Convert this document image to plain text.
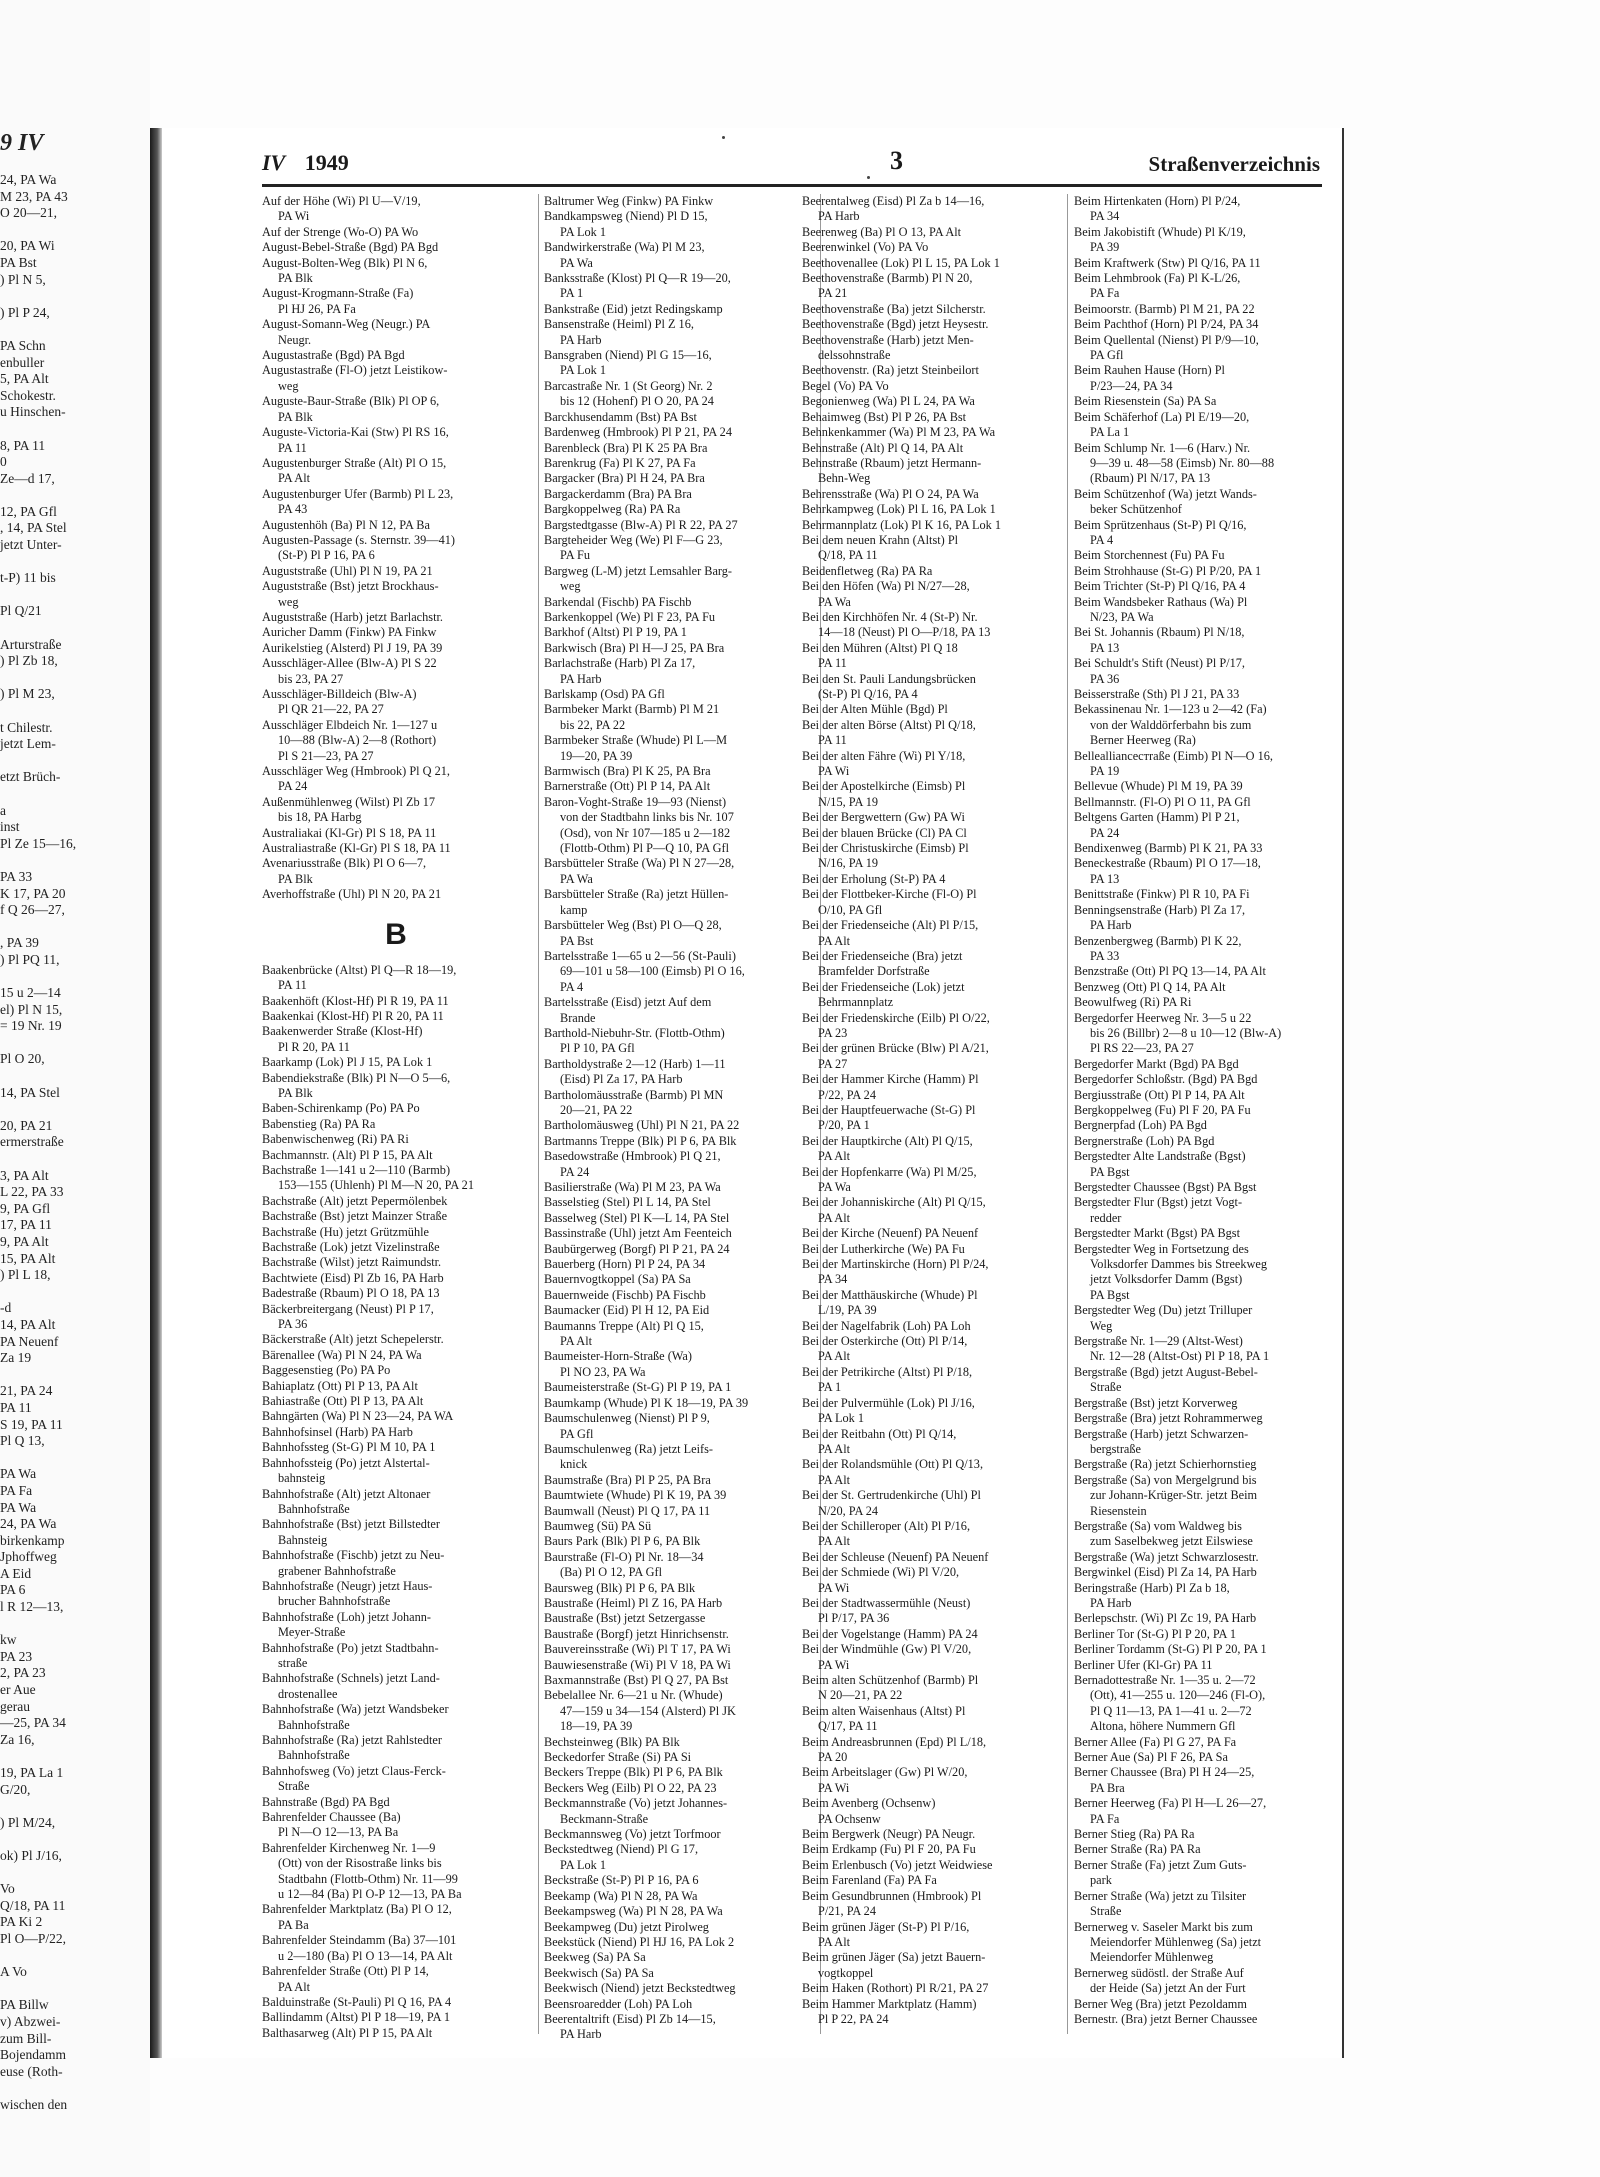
9 IV
24, PA Wa
M 23, PA 43
O 20—21,

20, PA Wi
PA Bst
) Pl N 5,

) Pl P 24,

PA Schn
enbuller
5, PA Alt
Schokestr.
u Hinschen-

8, PA 11
0
Ze—d 17,

12, PA Gfl
, 14, PA Stel
jetzt Unter-

t-P) 11 bis

Pl Q/21

Arturstraße
) Pl Zb 18,

) Pl M 23,

t Chilestr.
jetzt Lem-

etzt Brüch-

a
inst
Pl Ze 15—16,

PA 33
K 17, PA 20
f Q 26—27,

, PA 39
) Pl PQ 11,

15 u 2—14
el) Pl N 15,
= 19 Nr. 19

Pl O 20,

14, PA Stel

20, PA 21
ermerstraße

3, PA Alt
L 22, PA 33
9, PA Gfl
17, PA 11
9, PA Alt
15, PA Alt
) Pl L 18,

-d
14, PA Alt
PA Neuenf
Za 19

21, PA 24
PA 11
S 19, PA 11
Pl Q 13,

PA Wa
PA Fa
PA Wa
24, PA Wa
birkenkamp
Jphoffweg
A Eid
PA 6
l R 12—13,

kw
PA 23
2, PA 23
er Aue
gerau
—25, PA 34
Za 16,

19, PA La 1
G/20,

) Pl M/24,

ok) Pl J/16,

Vo
Q/18, PA 11
PA Ki 2
Pl O—P/22,

A Vo

PA Billw
v) Abzwei-
zum Bill-
Bojendamm
euse (Roth-

wischen den
IV 1949	3	Straßenverzeichnis
Auf der Höhe (Wi) Pl U—V/19,
PA Wi
Auf der Strenge (Wo-O) PA Wo
August-Bebel-Straße (Bgd) PA Bgd
August-Bolten-Weg (Blk) Pl N 6,
PA Blk
August-Krogmann-Straße (Fa)
Pl HJ 26, PA Fa
August-Somann-Weg (Neugr.) PA
Neugr.
Augustastraße (Bgd) PA Bgd
Augustastraße (Fl-O) jetzt Leistikow-
weg
Auguste-Baur-Straße (Blk) Pl OP 6,
PA Blk
Auguste-Victoria-Kai (Stw) Pl RS 16,
PA 11
Augustenburger Straße (Alt) Pl O 15,
PA Alt
Augustenburger Ufer (Barmb) Pl L 23,
PA 43
Augustenhöh (Ba) Pl N 12, PA Ba
Augusten-Passage (s. Sternstr. 39—41)
(St-P) Pl P 16, PA 6
Auguststraße (Uhl) Pl N 19, PA 21
Auguststraße (Bst) jetzt Brockhaus-
weg
Auguststraße (Harb) jetzt Barlachstr.
Auricher Damm (Finkw) PA Finkw
Aurikelstieg (Alsterd) Pl J 19, PA 39
Ausschläger-Allee (Blw-A) Pl S 22
bis 23, PA 27
Ausschläger-Billdeich (Blw-A)
Pl QR 21—22, PA 27
Ausschläger Elbdeich Nr. 1—127 u
10—88 (Blw-A) 2—8 (Rothort)
Pl S 21—23, PA 27
Ausschläger Weg (Hmbrook) Pl Q 21,
PA 24
Außenmühlenweg (Wilst) Pl Zb 17
bis 18, PA Harbg
Australiakai (Kl-Gr) Pl S 18, PA 11
Australiastraße (Kl-Gr) Pl S 18, PA 11
Avenariusstraße (Blk) Pl O 6—7,
PA Blk
Averhoffstraße (Uhl) Pl N 20, PA 21
B
Baakenbrücke (Altst) Pl Q—R 18—19,
PA 11
Baakenhöft (Klost-Hf) Pl R 19, PA 11
Baakenkai (Klost-Hf) Pl R 20, PA 11
Baakenwerder Straße (Klost-Hf)
Pl R 20, PA 11
Baarkamp (Lok) Pl J 15, PA Lok 1
Babendiekstraße (Blk) Pl N—O 5—6,
PA Blk
Baben-Schirenkamp (Po) PA Po
Babenstieg (Ra) PA Ra
Babenwischenweg (Ri) PA Ri
Bachmannstr. (Alt) Pl P 15, PA Alt
Bachstraße 1—141 u 2—110 (Barmb)
153—155 (Uhlenh) Pl M—N 20, PA 21
Bachstraße (Alt) jetzt Pepermölenbek
Bachstraße (Bst) jetzt Mainzer Straße
Bachstraße (Hu) jetzt Grützmühle
Bachstraße (Lok) jetzt Vizelinstraße
Bachstraße (Wilst) jetzt Raimundstr.
Bachtwiete (Eisd) Pl Zb 16, PA Harb
Badestraße (Rbaum) Pl O 18, PA 13
Bäckerbreitergang (Neust) Pl P 17,
PA 36
Bäckerstraße (Alt) jetzt Schepelerstr.
Bärenallee (Wa) Pl N 24, PA Wa
Baggesenstieg (Po) PA Po
Bahiaplatz (Ott) Pl P 13, PA Alt
Bahiastraße (Ott) Pl P 13, PA Alt
Bahngärten (Wa) Pl N 23—24, PA WA
Bahnhofsinsel (Harb) PA Harb
Bahnhofssteg (St-G) Pl M 10, PA 1
Bahnhofssteig (Po) jetzt Alstertal-
bahnsteig
Bahnhofstraße (Alt) jetzt Altonaer
Bahnhofstraße
Bahnhofstraße (Bst) jetzt Billstedter
Bahnsteig
Bahnhofstraße (Fischb) jetzt zu Neu-
grabener Bahnhofstraße
Bahnhofstraße (Neugr) jetzt Haus-
brucher Bahnhofstraße
Bahnhofstraße (Loh) jetzt Johann-
Meyer-Straße
Bahnhofstraße (Po) jetzt Stadtbahn-
straße
Bahnhofstraße (Schnels) jetzt Land-
drostenallee
Bahnhofstraße (Wa) jetzt Wandsbeker
Bahnhofstraße
Bahnhofstraße (Ra) jetzt Rahlstedter
Bahnhofstraße
Bahnhofsweg (Vo) jetzt Claus-Ferck-
Straße
Bahnstraße (Bgd) PA Bgd
Bahrenfelder Chaussee (Ba)
Pl N—O 12—13, PA Ba
Bahrenfelder Kirchenweg Nr. 1—9
(Ott) von der Risostraße links bis
Stadtbahn (Flottb-Othm) Nr. 11—99
u 12—84 (Ba) Pl O-P 12—13, PA Ba
Bahrenfelder Marktplatz (Ba) Pl O 12,
PA Ba
Bahrenfelder Steindamm (Ba) 37—101
u 2—180 (Ba) Pl O 13—14, PA Alt
Bahrenfelder Straße (Ott) Pl P 14,
PA Alt
Balduinstraße (St-Pauli) Pl Q 16, PA 4
Ballindamm (Altst) Pl P 18—19, PA 1
Balthasarweg (Alt) Pl P 15, PA Alt
Baltrumer Weg (Finkw) PA Finkw
Bandkampsweg (Niend) Pl D 15,
PA Lok 1
Bandwirkerstraße (Wa) Pl M 23,
PA Wa
Banksstraße (Klost) Pl Q—R 19—20,
PA 1
Bankstraße (Eid) jetzt Redingskamp
Bansenstraße (Heiml) Pl Z 16,
PA Harb
Bansgraben (Niend) Pl G 15—16,
PA Lok 1
Barcastraße Nr. 1 (St Georg) Nr. 2
bis 12 (Hohenf) Pl O 20, PA 24
Barckhusendamm (Bst) PA Bst
Bardenweg (Hmbrook) Pl P 21, PA 24
Barenbleck (Bra) Pl K 25 PA Bra
Barenkrug (Fa) Pl K 27, PA Fa
Bargacker (Bra) Pl H 24, PA Bra
Bargackerdamm (Bra) PA Bra
Bargkoppelweg (Ra) PA Ra
Bargstedtgasse (Blw-A) Pl R 22, PA 27
Bargteheider Weg (We) Pl F—G 23,
PA Fu
Bargweg (L-M) jetzt Lemsahler Barg-
weg
Barkendal (Fischb) PA Fischb
Barkenkoppel (We) Pl F 23, PA Fu
Barkhof (Altst) Pl P 19, PA 1
Barkwisch (Bra) Pl H—J 25, PA Bra
Barlachstraße (Harb) Pl Za 17,
PA Harb
Barlskamp (Osd) PA Gfl
Barmbeker Markt (Barmb) Pl M 21
bis 22, PA 22
Barmbeker Straße (Whude) Pl L—M
19—20, PA 39
Barmwisch (Bra) Pl K 25, PA Bra
Barnerstraße (Ott) Pl P 14, PA Alt
Baron-Voght-Straße 19—93 (Nienst)
von der Stadtbahn links bis Nr. 107
(Osd), von Nr 107—185 u 2—182
(Flottb-Othm) Pl P—Q 10, PA Gfl
Barsbütteler Straße (Wa) Pl N 27—28,
PA Wa
Barsbütteler Straße (Ra) jetzt Hüllen-
kamp
Barsbütteler Weg (Bst) Pl O—Q 28,
PA Bst
Bartelsstraße 1—65 u 2—56 (St-Pauli)
69—101 u 58—100 (Eimsb) Pl O 16,
PA 4
Bartelsstraße (Eisd) jetzt Auf dem
Brande
Barthold-Niebuhr-Str. (Flottb-Othm)
Pl P 10, PA Gfl
Bartholdystraße 2—12 (Harb) 1—11
(Eisd) Pl Za 17, PA Harb
Bartholomäusstraße (Barmb) Pl MN
20—21, PA 22
Bartholomäusweg (Uhl) Pl N 21, PA 22
Bartmanns Treppe (Blk) Pl P 6, PA Blk
Basedowstraße (Hmbrook) Pl Q 21,
PA 24
Basilierstraße (Wa) Pl M 23, PA Wa
Basselstieg (Stel) Pl L 14, PA Stel
Basselweg (Stel) Pl K—L 14, PA Stel
Bassinstraße (Uhl) jetzt Am Feenteich
Baubürgerweg (Borgf) Pl P 21, PA 24
Bauerberg (Horn) Pl P 24, PA 34
Bauernvogtkoppel (Sa) PA Sa
Bauernweide (Fischb) PA Fischb
Baumacker (Eid) Pl H 12, PA Eid
Baumanns Treppe (Alt) Pl Q 15,
PA Alt
Baumeister-Horn-Straße (Wa)
Pl NO 23, PA Wa
Baumeisterstraße (St-G) Pl P 19, PA 1
Baumkamp (Whude) Pl K 18—19, PA 39
Baumschulenweg (Nienst) Pl P 9,
PA Gfl
Baumschulenweg (Ra) jetzt Leifs-
knick
Baumstraße (Bra) Pl P 25, PA Bra
Baumtwiete (Whude) Pl K 19, PA 39
Baumwall (Neust) Pl Q 17, PA 11
Baumweg (Sü) PA Sü
Baurs Park (Blk) Pl P 6, PA Blk
Baurstraße (Fl-O) Pl Nr. 18—34
(Ba) Pl O 12, PA Gfl
Baursweg (Blk) Pl P 6, PA Blk
Baustraße (Heiml) Pl Z 16, PA Harb
Baustraße (Bst) jetzt Setzergasse
Baustraße (Borgf) jetzt Hinrichsenstr.
Bauvereinsstraße (Wi) Pl T 17, PA Wi
Bauwiesenstraße (Wi) Pl V 18, PA Wi
Baxmannstraße (Bst) Pl Q 27, PA Bst
Bebelallee Nr. 6—21 u Nr. (Whude)
47—159 u 34—154 (Alsterd) Pl JK
18—19, PA 39
Bechsteinweg (Blk) PA Blk
Beckedorfer Straße (Si) PA Si
Beckers Treppe (Blk) Pl P 6, PA Blk
Beckers Weg (Eilb) Pl O 22, PA 23
Beckmannstraße (Vo) jetzt Johannes-
Beckmann-Straße
Beckmannsweg (Vo) jetzt Torfmoor
Beckstedtweg (Niend) Pl G 17,
PA Lok 1
Beckstraße (St-P) Pl P 16, PA 6
Beekamp (Wa) Pl N 28, PA Wa
Beekampsweg (Wa) Pl N 28, PA Wa
Beekampweg (Du) jetzt Pirolweg
Beekstück (Niend) Pl HJ 16, PA Lok 2
Beekweg (Sa) PA Sa
Beekwisch (Sa) PA Sa
Beekwisch (Niend) jetzt Beckstedtweg
Beensroaredder (Loh) PA Loh
Beerentaltrift (Eisd) Pl Zb 14—15,
PA Harb
Beerentalweg (Eisd) Pl Za b 14—16,
PA Harb
Beerenweg (Ba) Pl O 13, PA Alt
Beerenwinkel (Vo) PA Vo
Beethovenallee (Lok) Pl L 15, PA Lok 1
Beethovenstraße (Barmb) Pl N 20,
PA 21
Beethovenstraße (Ba) jetzt Silcherstr.
Beethovenstraße (Bgd) jetzt Heysestr.
Beethovenstraße (Harb) jetzt Men-
delssohnstraße
Beethovenstr. (Ra) jetzt Steinbeilort
Begel (Vo) PA Vo
Begonienweg (Wa) Pl L 24, PA Wa
Behaimweg (Bst) Pl P 26, PA Bst
Behnkenkammer (Wa) Pl M 23, PA Wa
Behnstraße (Alt) Pl Q 14, PA Alt
Behnstraße (Rbaum) jetzt Hermann-
Behn-Weg
Behrensstraße (Wa) Pl O 24, PA Wa
Behrkampweg (Lok) Pl L 16, PA Lok 1
Behrmannplatz (Lok) Pl K 16, PA Lok 1
Bei dem neuen Krahn (Altst) Pl
Q/18, PA 11
Beidenfletweg (Ra) PA Ra
Bei den Höfen (Wa) Pl N/27—28,
PA Wa
Bei den Kirchhöfen Nr. 4 (St-P) Nr.
14—18 (Neust) Pl O—P/18, PA 13
Bei den Mühren (Altst) Pl Q 18
PA 11
Bei den St. Pauli Landungsbrücken
(St-P) Pl Q/16, PA 4
Bei der Alten Mühle (Bgd) Pl
Bei der alten Börse (Altst) Pl Q/18,
PA 11
Bei der alten Fähre (Wi) Pl Y/18,
PA Wi
Bei der Apostelkirche (Eimsb) Pl
N/15, PA 19
Bei der Bergwettern (Gw) PA Wi
Bei der blauen Brücke (Cl) PA Cl
Bei der Christuskirche (Eimsb) Pl
N/16, PA 19
Bei der Erholung (St-P) PA 4
Bei der Flottbeker-Kirche (Fl-O) Pl
O/10, PA Gfl
Bei der Friedenseiche (Alt) Pl P/15,
PA Alt
Bei der Friedenseiche (Bra) jetzt
Bramfelder Dorfstraße
Bei der Friedenseiche (Lok) jetzt
Behrmannplatz
Bei der Friedenskirche (Eilb) Pl O/22,
PA 23
Bei der grünen Brücke (Blw) Pl A/21,
PA 27
Bei der Hammer Kirche (Hamm) Pl
P/22, PA 24
Bei der Hauptfeuerwache (St-G) Pl
P/20, PA 1
Bei der Hauptkirche (Alt) Pl Q/15,
PA Alt
Bei der Hopfenkarre (Wa) Pl M/25,
PA Wa
Bei der Johanniskirche (Alt) Pl Q/15,
PA Alt
Bei der Kirche (Neuenf) PA Neuenf
Bei der Lutherkirche (We) PA Fu
Bei der Martinskirche (Horn) Pl P/24,
PA 34
Bei der Matthäuskirche (Whude) Pl
L/19, PA 39
Bei der Nagelfabrik (Loh) PA Loh
Bei der Osterkirche (Ott) Pl P/14,
PA Alt
Bei der Petrikirche (Altst) Pl P/18,
PA 1
Bei der Pulvermühle (Lok) Pl J/16,
PA Lok 1
Bei der Reitbahn (Ott) Pl Q/14,
PA Alt
Bei der Rolandsmühle (Ott) Pl Q/13,
PA Alt
Bei der St. Gertrudenkirche (Uhl) Pl
N/20, PA 24
Bei der Schilleroper (Alt) Pl P/16,
PA Alt
Bei der Schleuse (Neuenf) PA Neuenf
Bei der Schmiede (Wi) Pl V/20,
PA Wi
Bei der Stadtwassermühle (Neust)
Pl P/17, PA 36
Bei der Vogelstange (Hamm) PA 24
Bei der Windmühle (Gw) Pl V/20,
PA Wi
Beim alten Schützenhof (Barmb) Pl
N 20—21, PA 22
Beim alten Waisenhaus (Altst) Pl
Q/17, PA 11
Beim Andreasbrunnen (Epd) Pl L/18,
PA 20
Beim Arbeitslager (Gw) Pl W/20,
PA Wi
Beim Avenberg (Ochsenw)
PA Ochsenw
Beim Bergwerk (Neugr) PA Neugr.
Beim Erdkamp (Fu) Pl F 20, PA Fu
Beim Erlenbusch (Vo) jetzt Weidwiese
Beim Farenland (Fa) PA Fa
Beim Gesundbrunnen (Hmbrook) Pl
P/21, PA 24
Beim grünen Jäger (St-P) Pl P/16,
PA Alt
Beim grünen Jäger (Sa) jetzt Bauern-
vogtkoppel
Beim Haken (Rothort) Pl R/21, PA 27
Beim Hammer Marktplatz (Hamm)
Pl P 22, PA 24
Beim Hirtenkaten (Horn) Pl P/24,
PA 34
Beim Jakobistift (Whude) Pl K/19,
PA 39
Beim Kraftwerk (Stw) Pl Q/16, PA 11
Beim Lehmbrook (Fa) Pl K-L/26,
PA Fa
Beimoorstr. (Barmb) Pl M 21, PA 22
Beim Pachthof (Horn) Pl P/24, PA 34
Beim Quellental (Nienst) Pl P/9—10,
PA Gfl
Beim Rauhen Hause (Horn) Pl
P/23—24, PA 34
Beim Riesenstein (Sa) PA Sa
Beim Schäferhof (La) Pl E/19—20,
PA La 1
Beim Schlump Nr. 1—6 (Harv.) Nr.
9—39 u. 48—58 (Eimsb) Nr. 80—88
(Rbaum) Pl N/17, PA 13
Beim Schützenhof (Wa) jetzt Wands-
beker Schützenhof
Beim Sprützenhaus (St-P) Pl Q/16,
PA 4
Beim Storchennest (Fu) PA Fu
Beim Strohhause (St-G) Pl P/20, PA 1
Beim Trichter (St-P) Pl Q/16, PA 4
Beim Wandsbeker Rathaus (Wa) Pl
N/23, PA Wa
Bei St. Johannis (Rbaum) Pl N/18,
PA 13
Bei Schuldt's Stift (Neust) Pl P/17,
PA 36
Beisserstraße (Sth) Pl J 21, PA 33
Bekassinenau Nr. 1—123 u 2—42 (Fa)
von der Walddörferbahn bis zum
Berner Heerweg (Ra)
Belleallianceстraße (Eimb) Pl N—O 16,
PA 19
Bellevue (Whude) Pl M 19, PA 39
Bellmannstr. (Fl-O) Pl O 11, PA Gfl
Beltgens Garten (Hamm) Pl P 21,
PA 24
Bendixenweg (Barmb) Pl K 21, PA 33
Beneckestraße (Rbaum) Pl O 17—18,
PA 13
Benittstraße (Finkw) Pl R 10, PA Fi
Benningsenstraße (Harb) Pl Za 17,
PA Harb
Benzenbergweg (Barmb) Pl K 22,
PA 33
Benzstraße (Ott) Pl PQ 13—14, PA Alt
Benzweg (Ott) Pl Q 14, PA Alt
Beowulfweg (Ri) PA Ri
Bergedorfer Heerweg Nr. 3—5 u 22
bis 26 (Billbr) 2—8 u 10—12 (Blw-A)
Pl RS 22—23, PA 27
Bergedorfer Markt (Bgd) PA Bgd
Bergedorfer Schloßstr. (Bgd) PA Bgd
Bergiusstraße (Ott) Pl P 14, PA Alt
Bergkoppelweg (Fu) Pl F 20, PA Fu
Bergnerpfad (Loh) PA Bgd
Bergnerstraße (Loh) PA Bgd
Bergstedter Alte Landstraße (Bgst)
PA Bgst
Bergstedter Chaussee (Bgst) PA Bgst
Bergstedter Flur (Bgst) jetzt Vogt-
redder
Bergstedter Markt (Bgst) PA Bgst
Bergstedter Weg in Fortsetzung des
Volksdorfer Dammes bis Streekweg
jetzt Volksdorfer Damm (Bgst)
PA Bgst
Bergstedter Weg (Du) jetzt Trilluper
Weg
Bergstraße Nr. 1—29 (Altst-West)
Nr. 12—28 (Altst-Ost) Pl P 18, PA 1
Bergstraße (Bgd) jetzt August-Bebel-
Straße
Bergstraße (Bst) jetzt Korverweg
Bergstraße (Bra) jetzt Rohrammerweg
Bergstraße (Harb) jetzt Schwarzen-
bergstraße
Bergstraße (Ra) jetzt Schierhornstieg
Bergstraße (Sa) von Mergelgrund bis
zur Johann-Krüger-Str. jetzt Beim
Riesenstein
Bergstraße (Sa) vom Waldweg bis
zum Saselbekweg jetzt Eilswiese
Bergstraße (Wa) jetzt Schwarzlosestr.
Bergwinkel (Eisd) Pl Za 14, PA Harb
Beringstraße (Harb) Pl Za b 18,
PA Harb
Berlepschstr. (Wi) Pl Zc 19, PA Harb
Berliner Tor (St-G) Pl P 20, PA 1
Berliner Tordamm (St-G) Pl P 20, PA 1
Berliner Ufer (Kl-Gr) PA 11
Bernadottestraße Nr. 1—35 u. 2—72
(Ott), 41—255 u. 120—246 (Fl-O),
Pl Q 11—13, PA 1—41 u. 2—72
Altona, höhere Nummern Gfl
Berner Allee (Fa) Pl G 27, PA Fa
Berner Aue (Sa) Pl F 26, PA Sa
Berner Chaussee (Bra) Pl H 24—25,
PA Bra
Berner Heerweg (Fa) Pl H—L 26—27,
PA Fa
Berner Stieg (Ra) PA Ra
Berner Straße (Ra) PA Ra
Berner Straße (Fa) jetzt Zum Guts-
park
Berner Straße (Wa) jetzt zu Tilsiter
Straße
Bernerweg v. Saseler Markt bis zum
Meiendorfer Mühlenweg (Sa) jetzt
Meiendorfer Mühlenweg
Bernerweg südöstl. der Straße Auf
der Heide (Sa) jetzt An der Furt
Berner Weg (Bra) jetzt Pezoldamm
Bernestr. (Bra) jetzt Berner Chaussee
